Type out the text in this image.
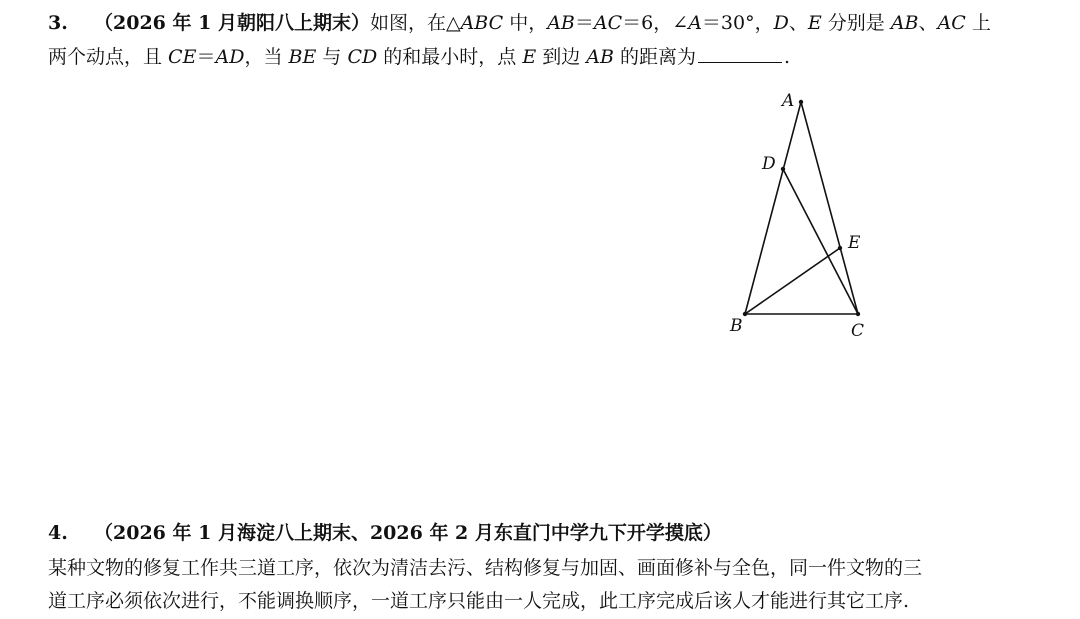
3. （2026 年 1 月朝阳八上期末）如图，在△ABC 中，AB＝AC＝6，∠A＝30°，D、E 分别是 AB、AC 上
两个动点，且 CE＝AD，当 BE 与 CD 的和最小时，点 E 到边 AB 的距离为	.
A
B	C
D
E
4. （2026 年 1 月海淀八上期末、2026 年 2 月东直门中学九下开学摸底）
某种文物的修复工作共三道工序，依次为清洁去污、结构修复与加固、画面修补与全色，同一件文物的三
道工序必须依次进行，不能调换顺序，一道工序只能由一人完成，此工序完成后该人才能进行其它工序.
